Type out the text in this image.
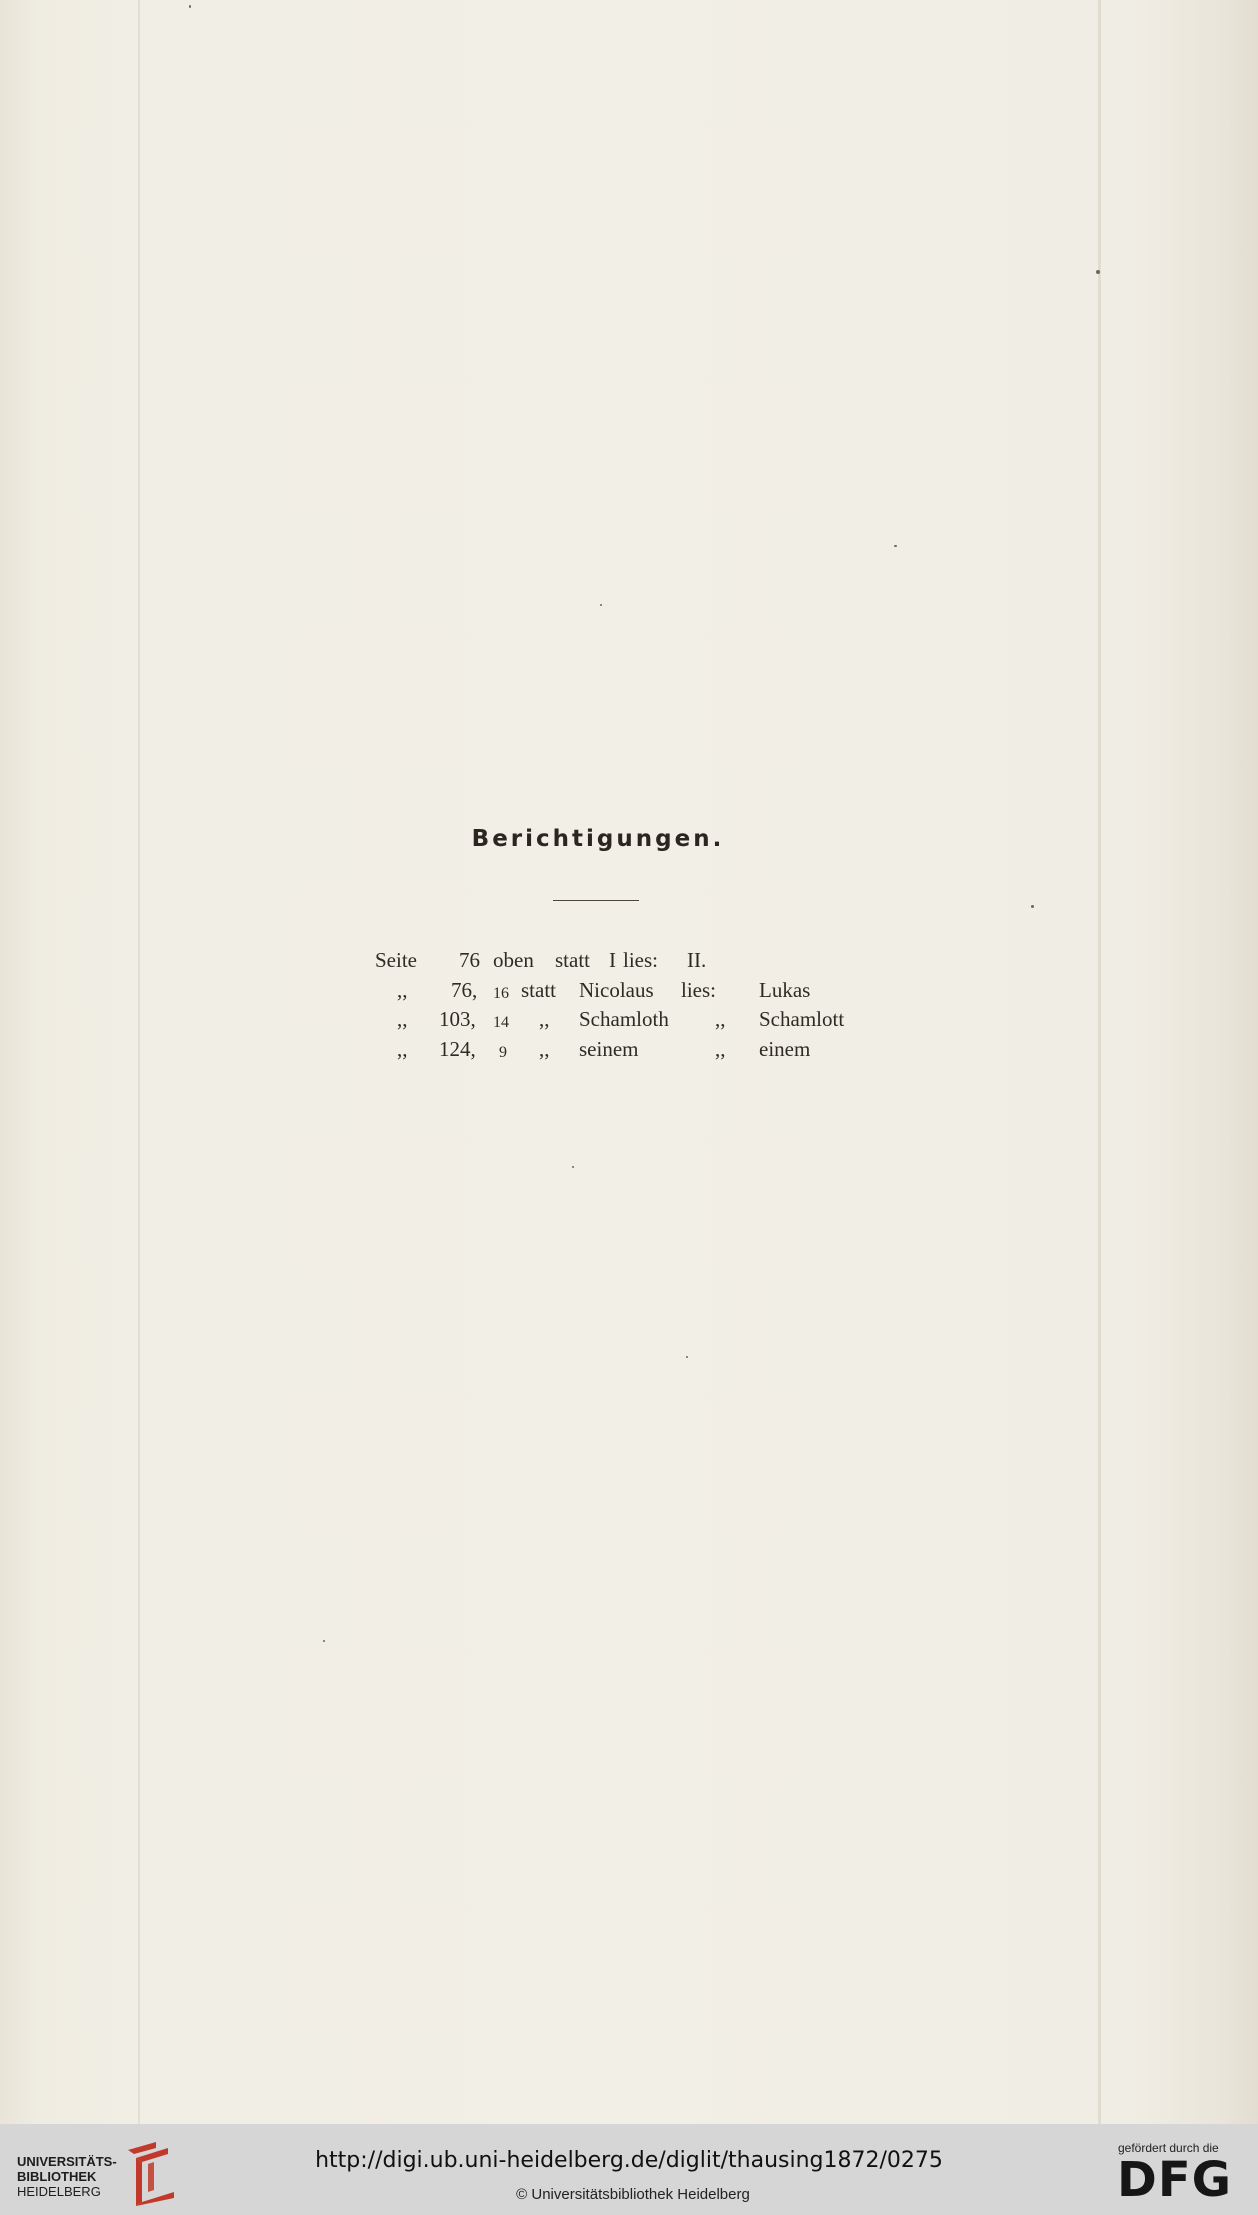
Berichtigungen.
Seite 76 oben statt I lies: II.
,, 76, 16 statt Nicolaus lies: Lukas
,, 103, 14 ,, Schamloth ,, Schamlott
,, 124, 9 ,, seinem	,, einem
UNIVERSITÄTS-
BIBLIOTHEK
HEIDELBERG
http://digi.ub.uni-heidelberg.de/diglit/thausing1872/0275
© Universitätsbibliothek Heidelberg
gefördert durch die
DFG
